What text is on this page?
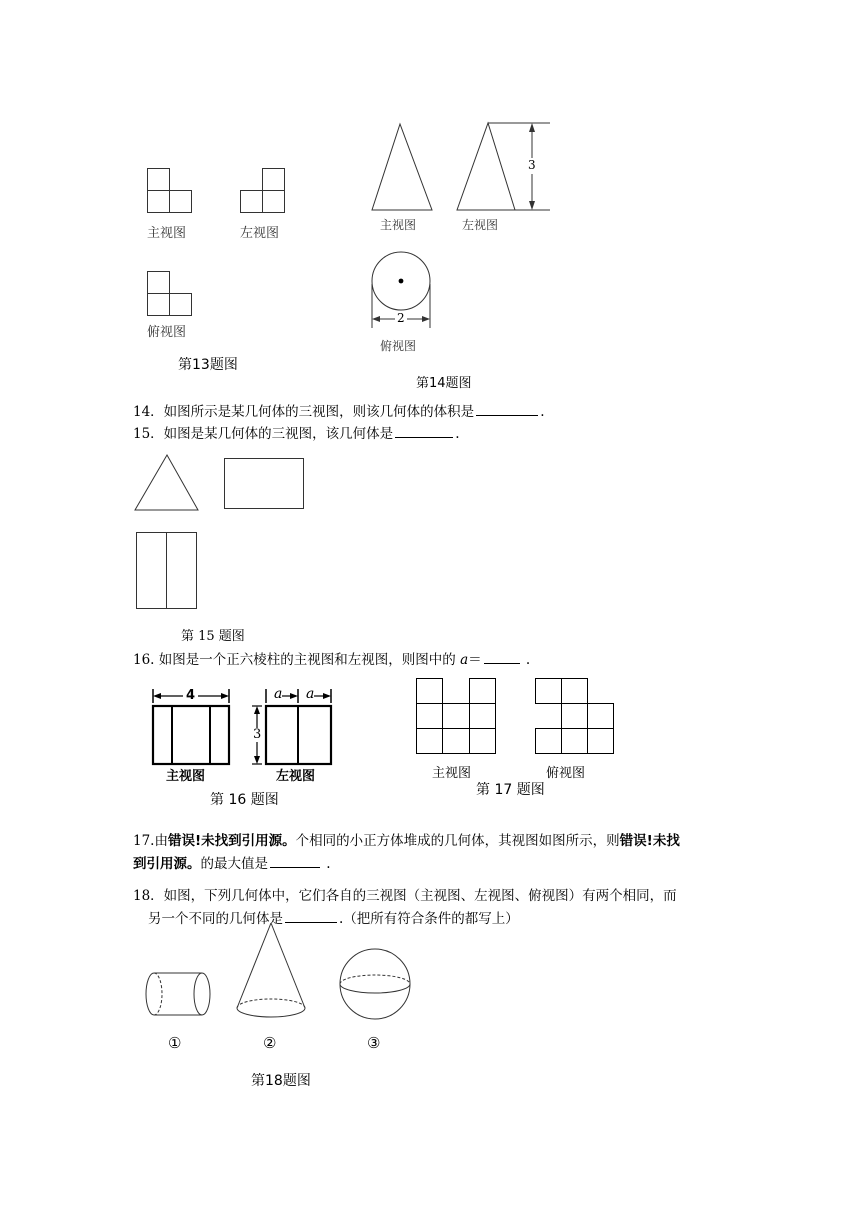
主视图	左视图
俯视图
第13题图
主视图
3
左视图
2
俯视图
第14题图
14．如图所示是某几何体的三视图，则该几何体的体积是	.
15．如图是某几何体的三视图，该几何体是	.
第 15 题图
16. 如图是一个正六棱柱的主视图和左视图，则图中的 a＝	.
4
主视图
a a
3
左视图
第 16 题图
主视图	俯视图
第 17 题图
17.由错误!未找到引用源。个相同的小正方体堆成的几何体，其视图如图所示，则错误!未找
到引用源。的最大值是	.
18．如图，下列几何体中，它们各自的三视图（主视图、左视图、俯视图）有两个相同，而
另一个不同的几何体是	.（把所有符合条件的都写上）
①	②	③
第18题图
